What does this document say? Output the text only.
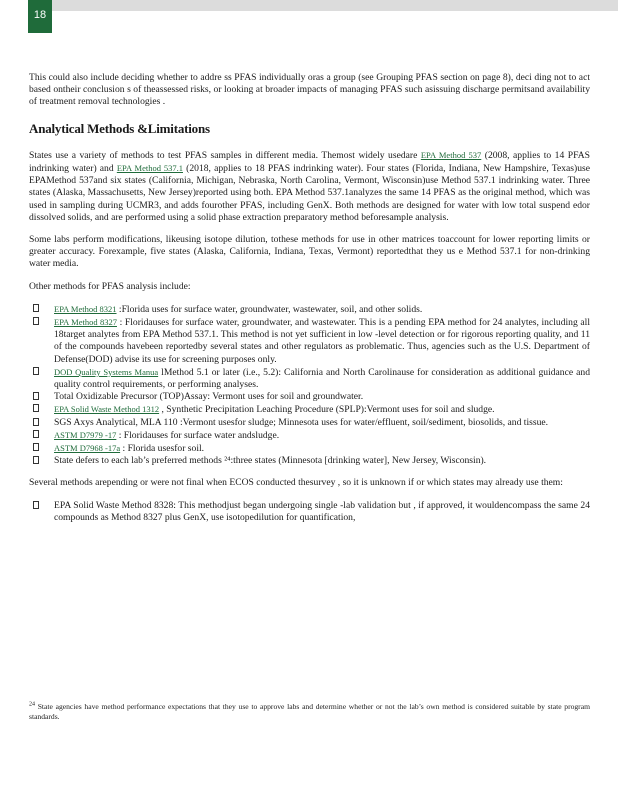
18

This could also include deciding whether to addre ss PFAS individually oras a group (see Grouping PFAS section on page 8), deci ding not to act based ontheir conclusion s of theassessed risks, or looking at broader impacts of managing PFAS such asissuing discharge permitsand availability of treatment removal technologies .

Analytical Methods &Limitations

States use a variety of methods to test PFAS samples in different media. Themost widely usedare EPA Method 537 (2008, applies to 14 PFAS indrinking water) and EPA Method 537.1 (2018, applies to 18 PFAS indrinking water). Four states (Florida, Indiana, New Hampshire, Texas)use EPAMethod 537and six states (California, Michigan, Nebraska, North Carolina, Vermont, Wisconsin)use Method 537.1 indrinking water. Three states (Alaska, Massachusetts, New Jersey)reported using both. EPA Method 537.1analyzes the same 14 PFAS as the original method, which was used in sampling during UCMR3, and adds fourother PFAS, including GenX. Both methods are designed for water with low total suspend edor dissolved solids, and are performed using a solid phase extraction preparatory method beforesample analysis.

Some labs perform modifications, likeusing isotope dilution, tothese methods for use in other matrices toaccount for lower reporting limits or greater accuracy. Forexample, five states (Alaska, California, Indiana, Texas, Vermont) reportedthat they us e Method 537.1 for non-drinking water media.

Other methods for PFAS analysis include:

EPA Method 8321 :Florida uses for surface water, groundwater, wastewater, soil, and other solids.
EPA Method 8327 : Floridauses for surface water, groundwater, and wastewater. This is a pending EPA method for 24 analytes, including all 18target analytes from EPA Method 537.1. This method is not yet sufficient in low -level detection or for rigorous reporting quality, and 11 of the compounds havebeen reportedby several states and other regulators as problematic. Thus, agencies such as the U.S. Department of Defense(DOD) advise its use for screening purposes only.
DOD Quality Systems Manua lMethod 5.1 or later (i.e., 5.2): California and North Carolinause for consideration as additional guidance and quality control requirements, or performing analyses.
Total Oxidizable Precursor (TOP)Assay: Vermont uses for soil and groundwater.
EPA Solid Waste Method 1312 , Synthetic Precipitation Leaching Procedure (SPLP):Vermont uses for soil and sludge.
SGS Axys Analytical, MLA 110 :Vermont usesfor sludge; Minnesota uses for water/effluent, soil/sediment, biosolids, and tissue.
ASTM D7979 -17 : Floridauses for surface water andsludge.
ASTM D7968 -17a : Florida usesfor soil.
State defers to each lab’s preferred methods ²⁴:three states (Minnesota [drinking water], New Jersey, Wisconsin).

Several methods arepending or were not final when ECOS conducted thesurvey , so it is unknown if or which states may already use them:

EPA Solid Waste Method 8328: This methodjust began undergoing single -lab validation but , if approved, it wouldencompass the same 24 compounds as Method 8327 plus GenX, use isotopedilution for quantification,
$^{24}$ State agencies have method performance expectations that they use to approve labs and determine whether or not the lab’s own method is considered suitable by state program standards.
